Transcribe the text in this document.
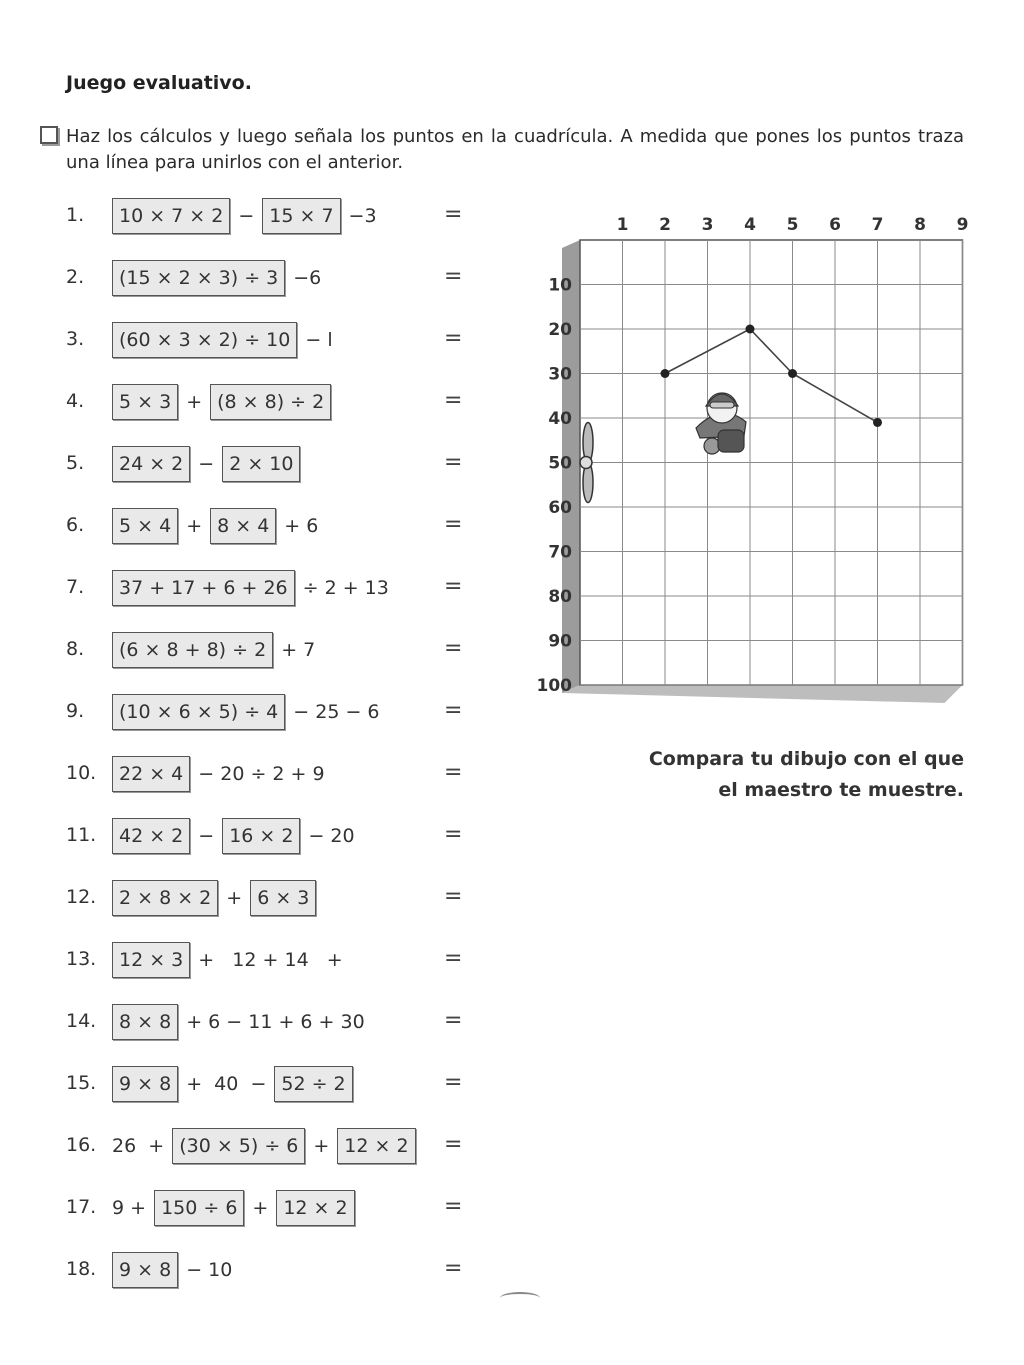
Juego evaluativo.
Haz los cálculos y luego señala los puntos en la cuadrícula. A medida que pones los puntos traza una línea para unirlos con el anterior.
1.	10 × 7 × 2 − 15 × 7 −3	=
2.	(15 × 2 × 3) ÷ 3 −6	=
3.	(60 × 3 × 2) ÷ 10 − l	=
4.	5 × 3 + (8 × 8) ÷ 2	=
5.	24 × 2 − 2 × 10	=
6.	5 × 4 + 8 × 4 + 6	=
7.	37 + 17 + 6 + 26 ÷ 2 + 13	=
8.	(6 × 8 + 8) ÷ 2 + 7	=
9.	(10 × 6 × 5) ÷ 4 − 25 − 6	=
10.	22 × 4 − 20 ÷ 2 + 9	=
11.	42 × 2 − 16 × 2 − 20	=
12.	2 × 8 × 2 + 6 × 3	=
13.	12 × 3 +   12 + 14   +	=
14.	8 × 8 + 6 − 11 + 6 + 30	=
15.	9 × 8 +  40  − 52 ÷ 2	=
16. 26  + (30 × 5) ÷ 6 + 12 × 2	=
17. 9 + 150 ÷ 6 + 12 × 2	=
18.	9 × 8 − 10	=
1 2 3 4 5 6 7 8 9
10
20
30
40
50
60
70
80
90
100
Compara tu dibujo con el que
el maestro te muestre.
